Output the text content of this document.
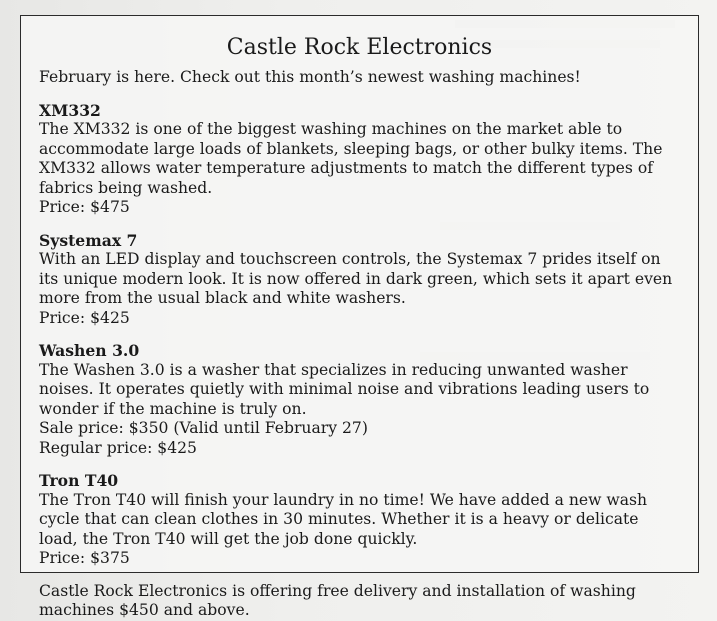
Castle Rock Electronics

February is here. Check out this month’s newest washing machines!

XM332

The XM332 is one of the biggest washing machines on the market able to accommodate large loads of blankets, sleeping bags, or other bulky items. The XM332 allows water temperature adjustments to match the different types of fabrics being washed.

Price: $475

Systemax 7

With an LED display and touchscreen controls, the Systemax 7 prides itself on its unique modern look. It is now offered in dark green, which sets it apart even more from the usual black and white washers.

Price: $425

Washen 3.0

The Washen 3.0 is a washer that specializes in reducing unwanted washer noises. It operates quietly with minimal noise and vibrations leading users to wonder if the machine is truly on.

Sale price: $350 (Valid until February 27)

Regular price: $425

Tron T40

The Tron T40 will finish your laundry in no time! We have added a new wash cycle that can clean clothes in 30 minutes. Whether it is a heavy or delicate load, the Tron T40 will get the job done quickly.

Price: $375

Castle Rock Electronics is offering free delivery and installation of washing machines $450 and above.
